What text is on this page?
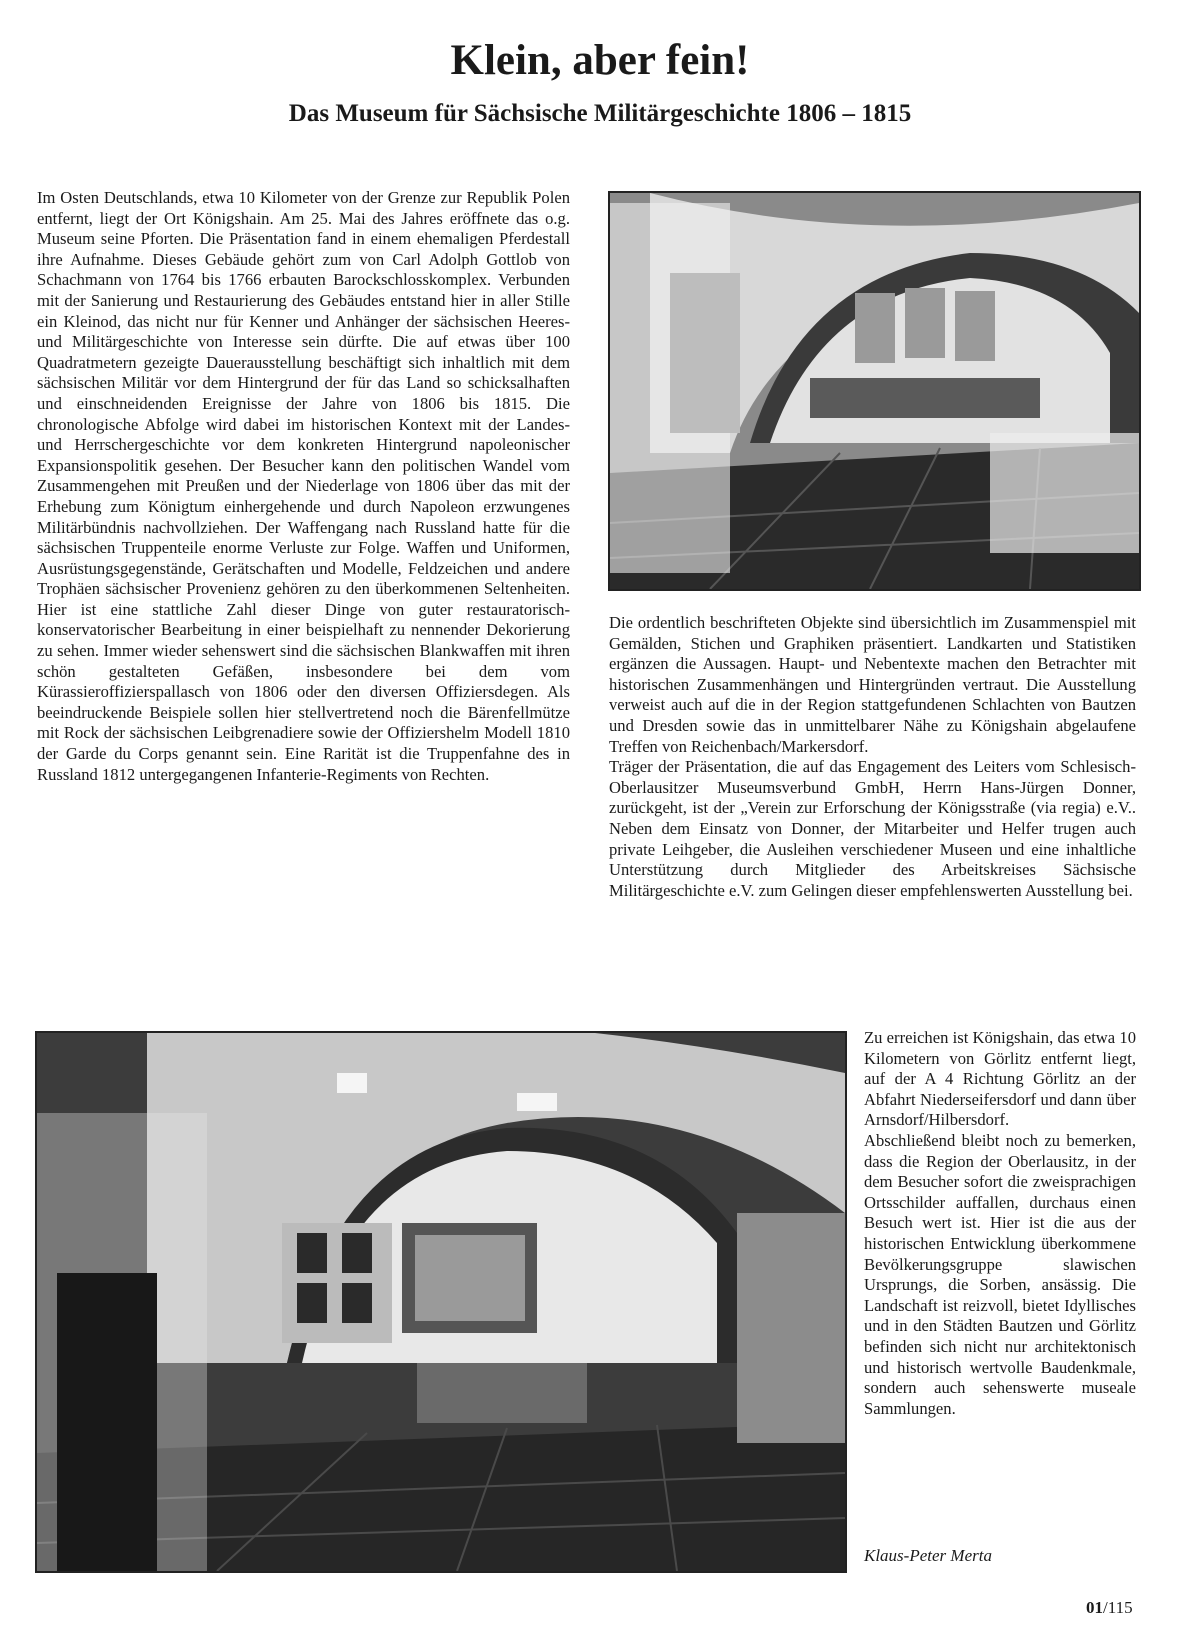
Klein, aber fein!
Das Museum für Sächsische Militärgeschichte 1806 – 1815

Im Osten Deutschlands, etwa 10 Kilometer von der Grenze zur Republik Polen entfernt, liegt der Ort Königshain. Am 25. Mai des Jahres eröffnete das o.g. Museum seine Pforten. Die Präsentation fand in einem ehemaligen Pferdestall ihre Aufnahme. Dieses Gebäude gehört zum von Carl Adolph Gottlob von Schachmann von 1764 bis 1766 erbauten Barockschlosskomplex. Verbunden mit der Sanierung und Restaurierung des Gebäudes entstand hier in aller Stille ein Kleinod, das nicht nur für Kenner und Anhänger der sächsischen Heeres- und Militärgeschichte von Interesse sein dürfte. Die auf etwas über 100 Quadratmetern gezeigte Dauerausstellung beschäftigt sich inhaltlich mit dem sächsischen Militär vor dem Hintergrund der für das Land so schicksalhaften und einschneidenden Ereignisse der Jahre von 1806 bis 1815. Die chronologische Abfolge wird dabei im historischen Kontext mit der Landes- und Herrschergeschichte vor dem konkreten Hintergrund napoleonischer Expansionspolitik gesehen. Der Besucher kann den politischen Wandel vom Zusammengehen mit Preußen und der Niederlage von 1806 über das mit der Erhebung zum Königtum einhergehende und durch Napoleon erzwungenes Militärbündnis nachvollziehen. Der Waffengang nach Russland hatte für die sächsischen Truppenteile enorme Verluste zur Folge. Waffen und Uniformen, Ausrüstungsgegenstände, Gerätschaften und Modelle, Feldzeichen und andere Trophäen sächsischer Provenienz gehören zu den überkommenen Seltenheiten. Hier ist eine stattliche Zahl dieser Dinge von guter restauratorisch-konservatorischer Bearbeitung in einer beispielhaft zu nennender Dekorierung zu sehen. Immer wieder sehenswert sind die sächsischen Blankwaffen mit ihren schön gestalteten Gefäßen, insbesondere bei dem vom Kürassieroffizierspallasch von 1806 oder den diversen Offiziersdegen. Als beeindruckende Beispiele sollen hier stellvertretend noch die Bärenfellmütze mit Rock der sächsischen Leibgrenadiere sowie der Offiziershelm Modell 1810 der Garde du Corps genannt sein. Eine Rarität ist die Truppenfahne des in Russland 1812 untergegangenen Infanterie-Regiments von Rechten.

Die ordentlich beschrifteten Objekte sind übersichtlich im Zusammenspiel mit Gemälden, Stichen und Graphiken präsentiert. Landkarten und Statistiken ergänzen die Aussagen. Haupt- und Nebentexte machen den Betrachter mit historischen Zusammenhängen und Hintergründen vertraut. Die Ausstellung verweist auch auf die in der Region stattgefundenen Schlachten von Bautzen und Dresden sowie das in unmittelbarer Nähe zu Königshain abgelaufene Treffen von Reichenbach/Markersdorf.

Träger der Präsentation, die auf das Engagement des Leiters vom Schlesisch-Oberlausitzer Museumsverbund GmbH, Herrn Hans-Jürgen Donner, zurückgeht, ist der „Verein zur Erforschung der Königsstraße (via regia) e.V.. Neben dem Einsatz von Donner, der Mitarbeiter und Helfer trugen auch private Leihgeber, die Ausleihen verschiedener Museen und eine inhaltliche Unterstützung durch Mitglieder des Arbeitskreises Sächsische Militärgeschichte e.V. zum Gelingen dieser empfehlenswerten Ausstellung bei.

Zu erreichen ist Königshain, das etwa 10 Kilometern von Görlitz entfernt liegt, auf der A 4 Richtung Görlitz an der Abfahrt Niederseifersdorf und dann über Arnsdorf/Hilbersdorf.

Abschließend bleibt noch zu bemerken, dass die Region der Oberlausitz, in der dem Besucher sofort die zweisprachigen Ortsschilder auffallen, durchaus einen Besuch wert ist. Hier ist die aus der historischen Entwicklung überkommene Bevölkerungsgruppe slawischen Ursprungs, die Sorben, ansässig. Die Landschaft ist reizvoll, bietet Idyllisches und in den Städten Bautzen und Görlitz befinden sich nicht nur architektonisch und historisch wertvolle Baudenkmale, sondern auch sehenswerte museale Sammlungen.

Klaus-Peter Merta
01/115
